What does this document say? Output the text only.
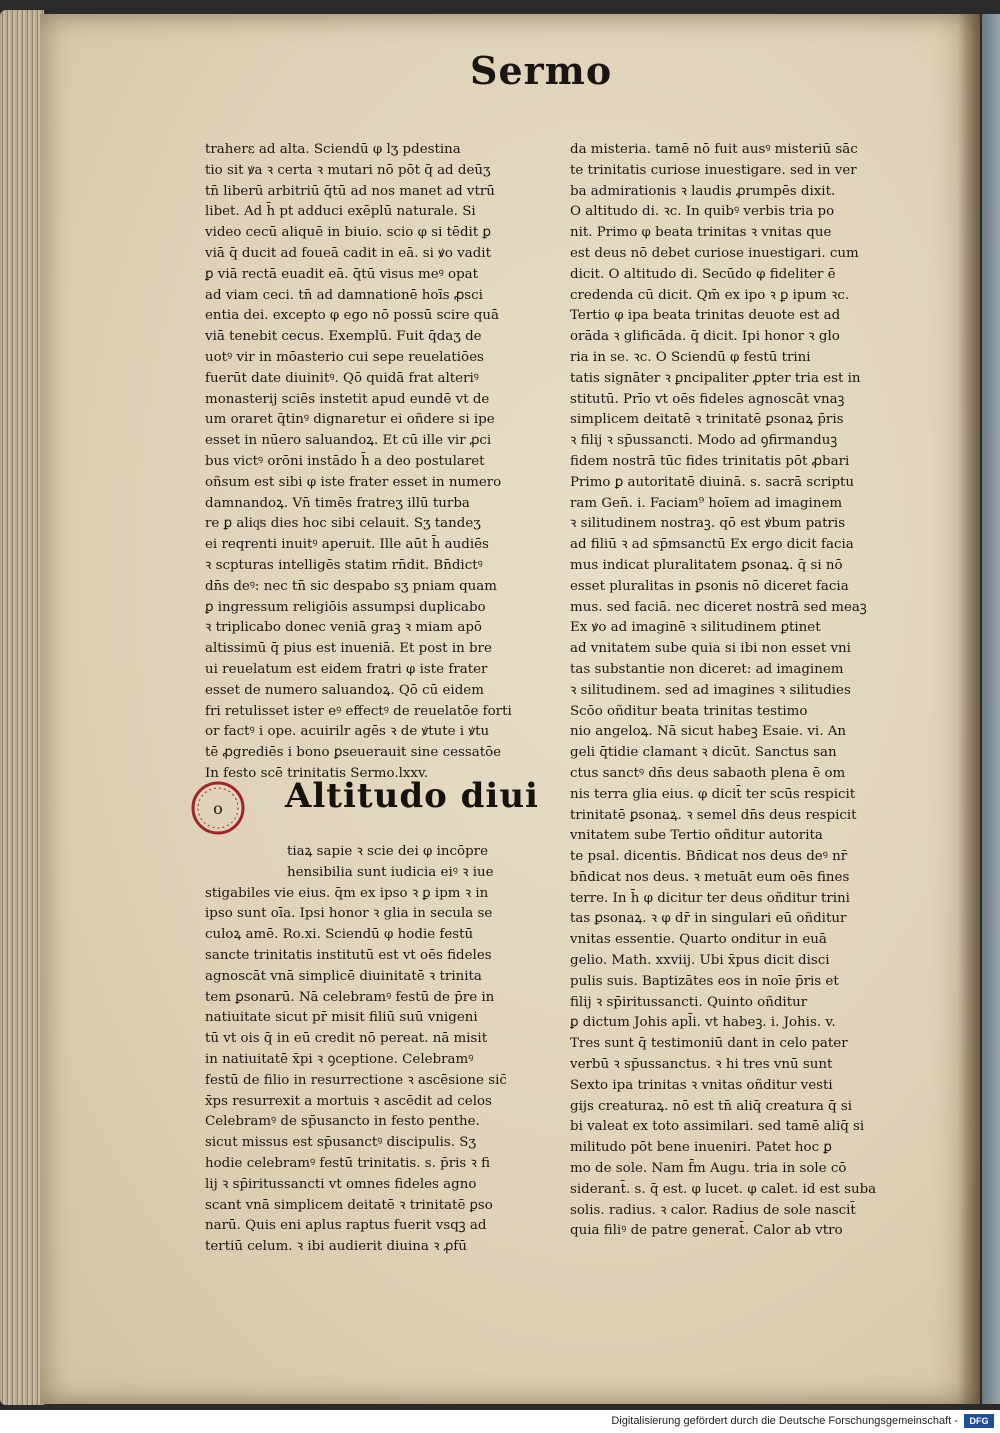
Sermo
traherε ad alta. Sciendū φ lʒ pdestina
tio sit ꝟa ꝛ certa ꝛ mutari nō pōt q̄ ad deūʒ
tn̄ liberū arbitriū q̄tū ad nos manet ad vtrū
libet. Ad h̄ pt adduci exēplū naturale. Si
video cecū aliquē in biuio. scio φ si tēdit ꝑ
viā q̄ ducit ad foueā cadit in eā. si ꝟo vadit
ꝑ viā rectā euadit eā. q̄tū visus meꝰ opat
ad viam ceci. tn̄ ad damnationē hoīs ꝓsci
entia dei. excepto φ ego nō possū scire quā
viā tenebit cecus. Exemplū. Fuit q̄daʒ de
uotꝰ vir in mōasterio cui sepe reuelatiōes
fuerūt date diuinitꝰ. Qō quidā frat alteriꝰ
monasterij sciēs instetit apud eundē vt de
um oraret q̄tinꝰ dignaretur ei oñdere si ipe
esset in nūero saluandoꝝ. Et cū ille vir ꝓci
bus victꝰ orōni instādo h̄ a deo postularet
oñsum est sibi φ iste frater esset in numero
damnandoꝝ. Vn̄ timēs fratreʒ illū turba
re ꝑ aliqͦs dies hoc sibi celauit. Sʒ tandeʒ
ei reqrenti inuitꝰ aperuit. Ille aūt h̄ audiēs
ꝛ scpturas intelligēs statim rn̄dit. Bn̄dictꝰ
dn̄s deꝰ: nec tn̄ sic despabo sʒ pniam quam
ꝑ ingressum religiōis assumpsi duplicabo
ꝛ triplicabo donec veniā graꝫ ꝛ miam apō
altissimū q̄ pius est inueniā. Et post in bre
ui reuelatum est eidem fratri φ iste frater
esset de numero saluandoꝝ. Qō cū eidem
fri retulisset ister eꝰ effectꝰ de reuelatōe forti
or factꝰ i ope. acuirilr agēs ꝛ de ꝟtute i ꝟtu
tē ꝓgrediēs i bono ꝑseuerauit sine cessatōe
In festo scē trinitatis Sermo.lxxv.
o Altitudo diui
tiaꝝ sapie ꝛ scie dei φ incōpre
hensibilia sunt iudicia eiꝰ ꝛ iue
stigabiles vie eius. q̄m ex ipso ꝛ ꝑ ipm ꝛ in
ipso sunt oīa. Ipsi honor ꝛ glia in secula se
culoꝝ amē. Ro.xi. Sciendū φ hodie festū
sancte trinitatis institutū est vt oēs fideles
agnoscāt vnā simplicē diuinitatē ꝛ trinita
tem ꝑsonarū. Nā celebramꝰ festū de p̄re in
natiuitate sicut pr̄ misit filiū suū vnigeni
tū vt ois q̄ in eū credit nō pereat. nā misit
in natiuitatē x̄pi ꝛ ꝯceptione. Celebramꝰ
festū de filio in resurrectione ꝛ ascēsione sic̄
x̄ps resurrexit a mortuis ꝛ ascēdit ad celos
Celebramꝰ de sp̄usancto in festo penthe.
sicut missus est sp̄usanctꝰ discipulis. Sʒ
hodie celebramꝰ festū trinitatis. s. p̄ris ꝛ fi
lij ꝛ sp̄iritussancti vt omnes fideles agno
scant vnā simplicem deitatē ꝛ trinitatē ꝑso
narū. Quis eni aplus raptus fuerit vsqꝫ ad
tertiū celum. ꝛ ibi audierit diuina ꝛ ꝓfū
da misteria. tamē nō fuit ausꝰ misteriū sāc
te trinitatis curiose inuestigare. sed in ver
ba admirationis ꝛ laudis ꝓrumpēs dixit.
O altitudo di. ꝛc. In quibꝰ verbis tria po
nit. Primo φ beata trinitas ꝛ vnitas que
est deus nō debet curiose inuestigari. cum
dicit. O altitudo di. Secūdo φ fideliter ē
credenda cū dicit. Qm̄ ex ipo ꝛ ꝑ ipum ꝛc.
Tertio φ ipa beata trinitas deuote est ad
orāda ꝛ glificāda. q̄ dicit. Ipi honor ꝛ glo
ria in se. ꝛc. O Sciendū φ festū trini
tatis signāter ꝛ ꝑncipaliter ꝓpter tria est in
stitutū. Prīo vt oēs fideles agnoscāt vnaꝫ
simplicem deitatē ꝛ trinitatē ꝑsonaꝝ p̄ris
ꝛ filij ꝛ sp̄ussancti. Modo ad ꝯfirmanduꝫ
fidem nostrā tūc fides trinitatis pōt ꝓbari
Primo ꝑ autoritatē diuinā. s. sacrā scriptu
ram Gen̄. i. Faciam⁹ hoīem ad imaginem
ꝛ silitudinem nostraꝫ. qō est ꝟbum patris
ad filiū ꝛ ad sp̄msanctū Ex ergo dicit facia
mus indicat pluralitatem ꝑsonaꝝ. q̄ si nō
esset pluralitas in ꝑsonis nō diceret facia
mus. sed faciā. nec diceret nostrā sed meaꝫ
Ex ꝟo ad imaginē ꝛ silitudinem ꝑtinet
ad vnitatem sube quia si ibi non esset vni
tas substantie non diceret: ad imaginem
ꝛ silitudinem. sed ad imagines ꝛ silitudies
Scōo oñditur beata trinitas testimo
nio angeloꝝ. Nā sicut habeꝫ Esaie. vi. An
geli q̄tidie clamant ꝛ dicūt. Sanctus san
ctus sanctꝰ dn̄s deus sabaoth plena ē om
nis terra glia eius. φ dicit̄ ter scūs respicit
trinitatē ꝑsonaꝝ. ꝛ semel dn̄s deus respicit
vnitatem sube Tertio oñditur autorita
te psal. dicentis. Bn̄dicat nos deus deꝰ nr̄
bn̄dicat nos deus. ꝛ metuāt eum oēs fines
terre. In h̄ φ dicitur ter deus oñditur trini
tas ꝑsonaꝝ. ꝛ φ dr̄ in singulari eū oñditur
vnitas essentie. Quarto onditur in euā
gelio. Math. xxviij. Ubi x̄pus dicit disci
pulis suis. Baptizātes eos in noīe p̄ris et
filij ꝛ sp̄iritussancti. Quinto oñditur
ꝑ dictum Johis apl̄i. vt habeꝫ. i. Johis. v.
Tres sunt q̄ testimoniū dant in celo pater
verbū ꝛ sp̄ussanctus. ꝛ hi tres vnū sunt
Sexto ipa trinitas ꝛ vnitas oñditur vesti
gijs creaturaꝝ. nō est tn̄ aliq̄ creatura q̄ si
bi valeat ex toto assimilari. sed tamē aliq̄ si
militudo pōt bene inueniri. Patet hoc ꝑ
mo de sole. Nam f̄m Augu. tria in sole cō
siderant̄. s. q̄ est. φ lucet. φ calet. id est suba
solis. radius. ꝛ calor. Radius de sole nascit̄
quia filiꝰ de patre generat̄. Calor ab vtro
Digitalisierung gefördert durch die Deutsche Forschungsgemeinschaft -	DFG
